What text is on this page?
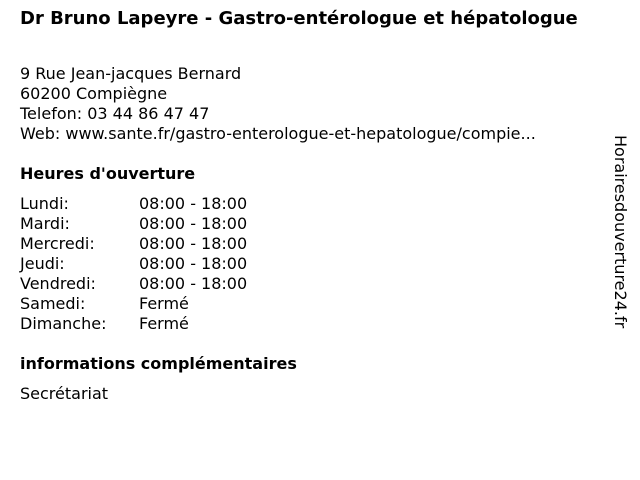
Dr Bruno Lapeyre - Gastro-entérologue et hépatologue
9 Rue Jean-jacques Bernard
60200 Compiègne
Telefon: 03 44 86 47 47
Web: www.sante.fr/gastro-enterologue-et-hepatologue/compie...
Heures d'ouverture
Lundi:	08:00 - 18:00
Mardi:	08:00 - 18:00
Mercredi:	08:00 - 18:00
Jeudi:	08:00 - 18:00
Vendredi:	08:00 - 18:00
Samedi:	Fermé
Dimanche:	Fermé
informations complémentaires
Secrétariat
Horairesdouverture24.fr
